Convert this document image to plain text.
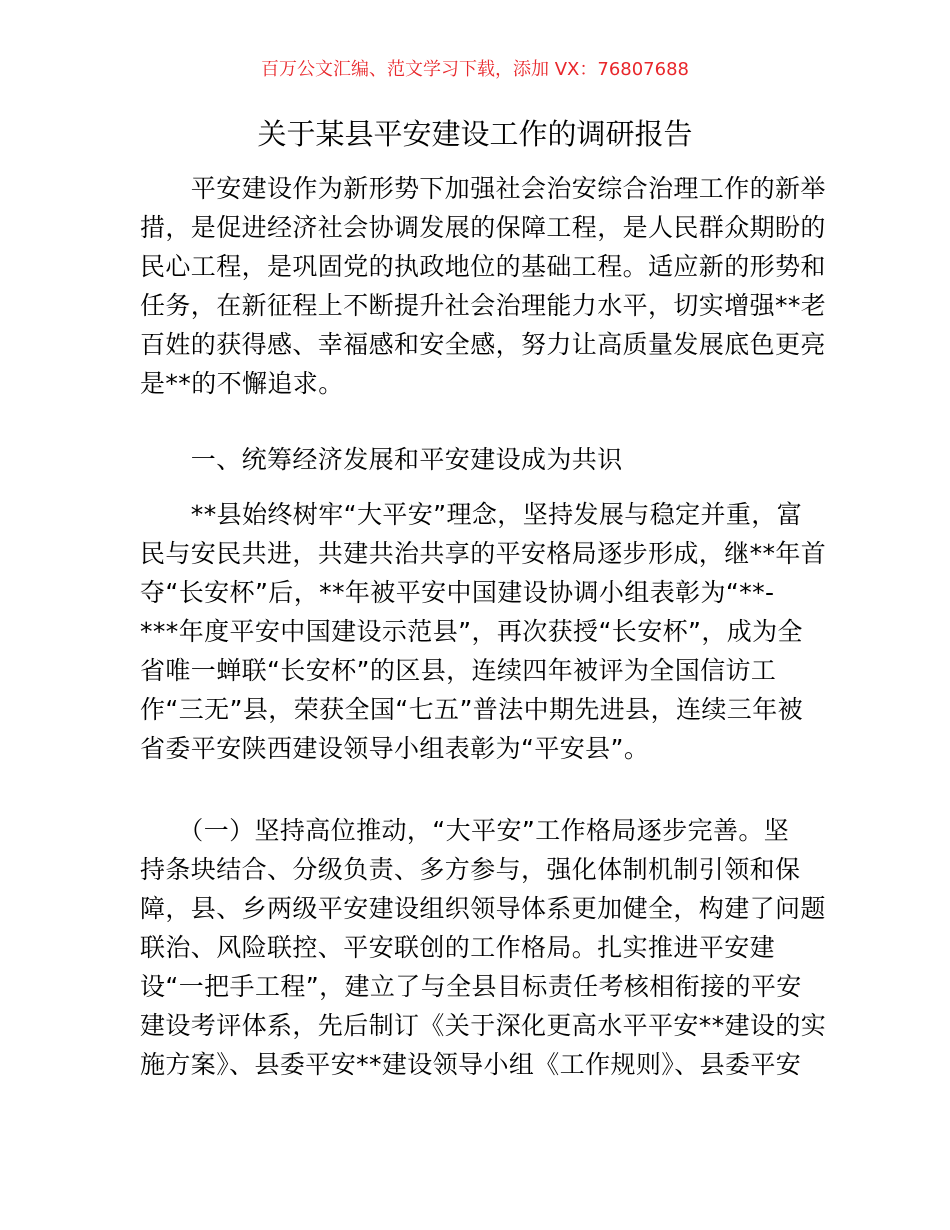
百万公文汇编、范文学习下载，添加 VX：76807688
关于某县平安建设工作的调研报告
　　平安建设作为新形势下加强社会治安综合治理工作的新举
措，是促进经济社会协调发展的保障工程，是人民群众期盼的
民心工程，是巩固党的执政地位的基础工程。适应新的形势和
任务，在新征程上不断提升社会治理能力水平，切实增强**老
百姓的获得感、幸福感和安全感，努力让高质量发展底色更亮
是**的不懈追求。
　　一、统筹经济发展和平安建设成为共识
　　**县始终树牢“大平安”理念，坚持发展与稳定并重，富
民与安民共进，共建共治共享的平安格局逐步形成，继**年首
夺“长安杯”后，**年被平安中国建设协调小组表彰为“**-
***年度平安中国建设示范县”，再次获授“长安杯”，成为全
省唯一蝉联“长安杯”的区县，连续四年被评为全国信访工
作“三无”县，荣获全国“七五”普法中期先进县，连续三年被
省委平安陕西建设领导小组表彰为“平安县”。
　　（一）坚持高位推动，“大平安”工作格局逐步完善。坚
持条块结合、分级负责、多方参与，强化体制机制引领和保
障，县、乡两级平安建设组织领导体系更加健全，构建了问题
联治、风险联控、平安联创的工作格局。扎实推进平安建
设“一把手工程”，建立了与全县目标责任考核相衔接的平安
建设考评体系，先后制订《关于深化更高水平平安**建设的实
施方案》、县委平安**建设领导小组《工作规则》、县委平安
